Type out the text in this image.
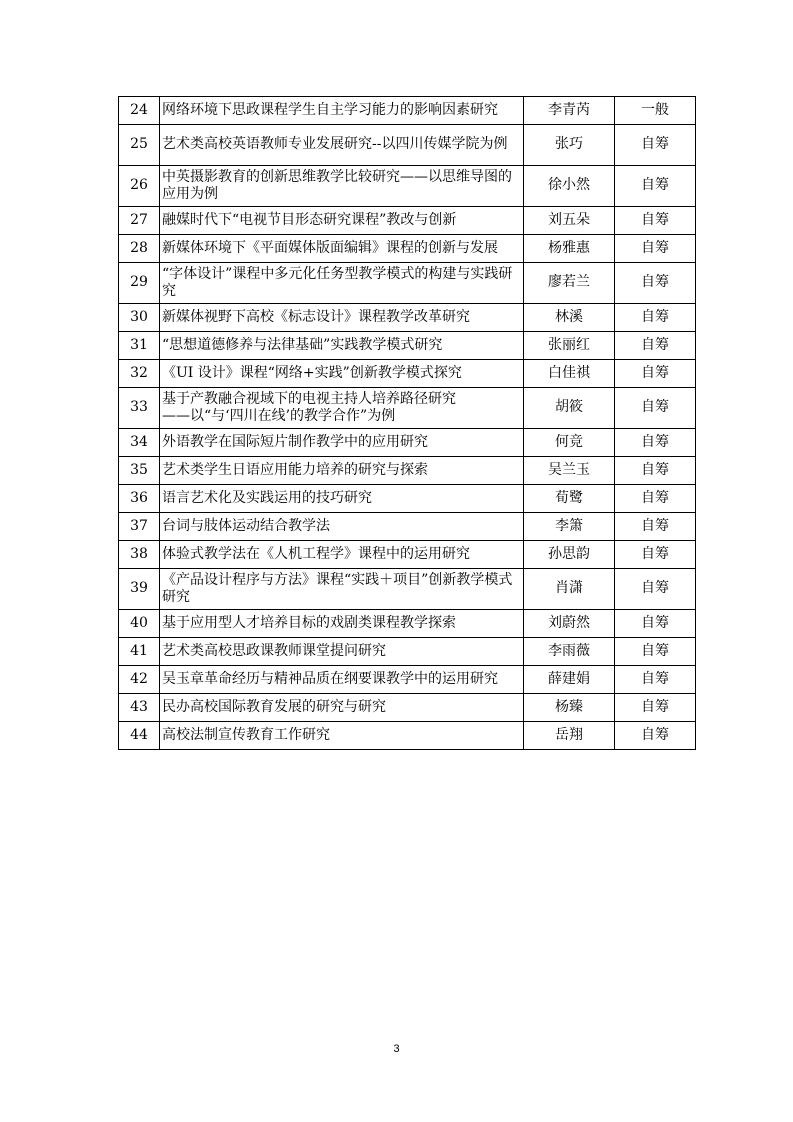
24	网络环境下思政课程学生自主学习能力的影响因素研究	李青芮	一般
25	艺术类高校英语教师专业发展研究--以四川传媒学院为例	张巧	自筹
26	中英摄影教育的创新思维教学比较研究——以思维导图的应用为例	徐小然	自筹
27	融媒时代下“电视节目形态研究课程”教改与创新	刘五朵	自筹
28	新媒体环境下《平面媒体版面编辑》课程的创新与发展	杨雅惠	自筹
29	“字体设计”课程中多元化任务型教学模式的构建与实践研究	廖若兰	自筹
30	新媒体视野下高校《标志设计》课程教学改革研究	林溪	自筹
31	“思想道德修养与法律基础”实践教学模式研究	张丽红	自筹
32	《UI 设计》课程“网络+实践”创新教学模式探究	白佳祺	自筹
33	基于产教融合视域下的电视主持人培养路径研究
——以“与‘四川在线’的教学合作”为例	胡筱	自筹
34	外语教学在国际短片制作教学中的应用研究	何竞	自筹
35	艺术类学生日语应用能力培养的研究与探索	吴兰玉	自筹
36	语言艺术化及实践运用的技巧研究	荀鹭	自筹
37	台词与肢体运动结合教学法	李箫	自筹
38	体验式教学法在《人机工程学》课程中的运用研究	孙思韵	自筹
39	《产品设计程序与方法》课程“实践＋项目”创新教学模式研究	肖潇	自筹
40	基于应用型人才培养目标的戏剧类课程教学探索	刘蔚然	自筹
41	艺术类高校思政课教师课堂提问研究	李雨薇	自筹
42	吴玉章革命经历与精神品质在纲要课教学中的运用研究	薛建娟	自筹
43	民办高校国际教育发展的研究与研究	杨臻	自筹
44	高校法制宣传教育工作研究	岳翔	自筹
3
